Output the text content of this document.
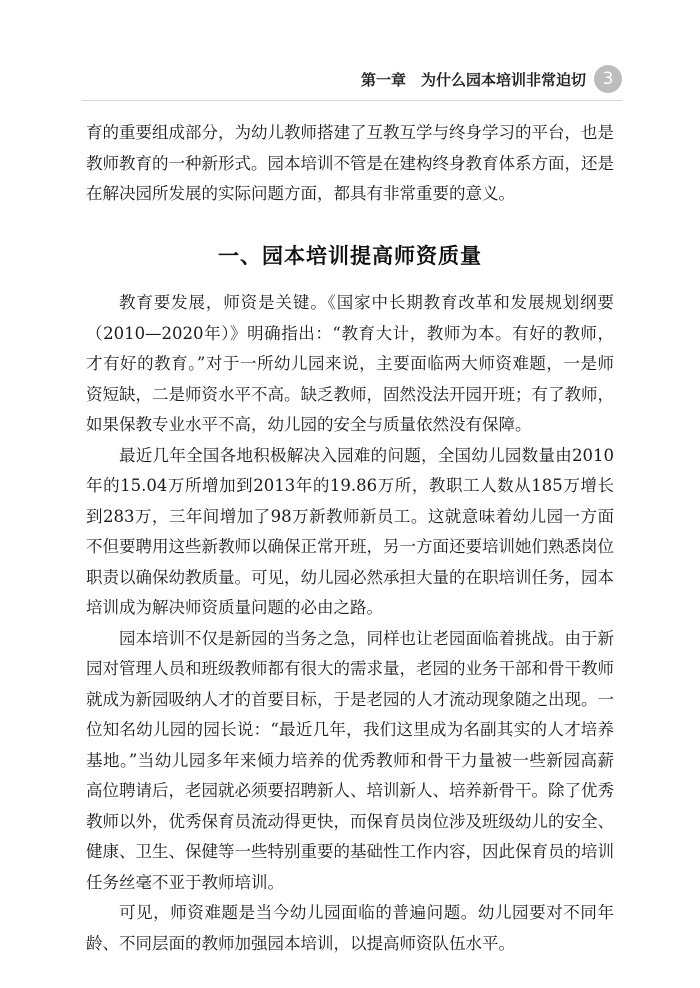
第一章　为什么园本培训非常迫切 3

育的重要组成部分，为幼儿教师搭建了互教互学与终身学习的平台，也是教师教育的一种新形式。园本培训不管是在建构终身教育体系方面，还是在解决园所发展的实际问题方面，都具有非常重要的意义。

一、园本培训提高师资质量

教育要发展，师资是关键。《国家中长期教育改革和发展规划纲要（2010—2020年）》明确指出：“教育大计，教师为本。有好的教师，才有好的教育。”对于一所幼儿园来说，主要面临两大师资难题，一是师资短缺，二是师资水平不高。缺乏教师，固然没法开园开班；有了教师，如果保教专业水平不高，幼儿园的安全与质量依然没有保障。

最近几年全国各地积极解决入园难的问题，全国幼儿园数量由2010年的15.04万所增加到2013年的19.86万所，教职工人数从185万增长到283万，三年间增加了98万新教师新员工。这就意味着幼儿园一方面不但要聘用这些新教师以确保正常开班，另一方面还要培训她们熟悉岗位职责以确保幼教质量。可见，幼儿园必然承担大量的在职培训任务，园本培训成为解决师资质量问题的必由之路。

园本培训不仅是新园的当务之急，同样也让老园面临着挑战。由于新园对管理人员和班级教师都有很大的需求量，老园的业务干部和骨干教师就成为新园吸纳人才的首要目标，于是老园的人才流动现象随之出现。一位知名幼儿园的园长说：“最近几年，我们这里成为名副其实的人才培养基地。”当幼儿园多年来倾力培养的优秀教师和骨干力量被一些新园高薪高位聘请后，老园就必须要招聘新人、培训新人、培养新骨干。除了优秀教师以外，优秀保育员流动得更快，而保育员岗位涉及班级幼儿的安全、健康、卫生、保健等一些特别重要的基础性工作内容，因此保育员的培训任务丝毫不亚于教师培训。

可见，师资难题是当今幼儿园面临的普遍问题。幼儿园要对不同年龄、不同层面的教师加强园本培训，以提高师资队伍水平。
